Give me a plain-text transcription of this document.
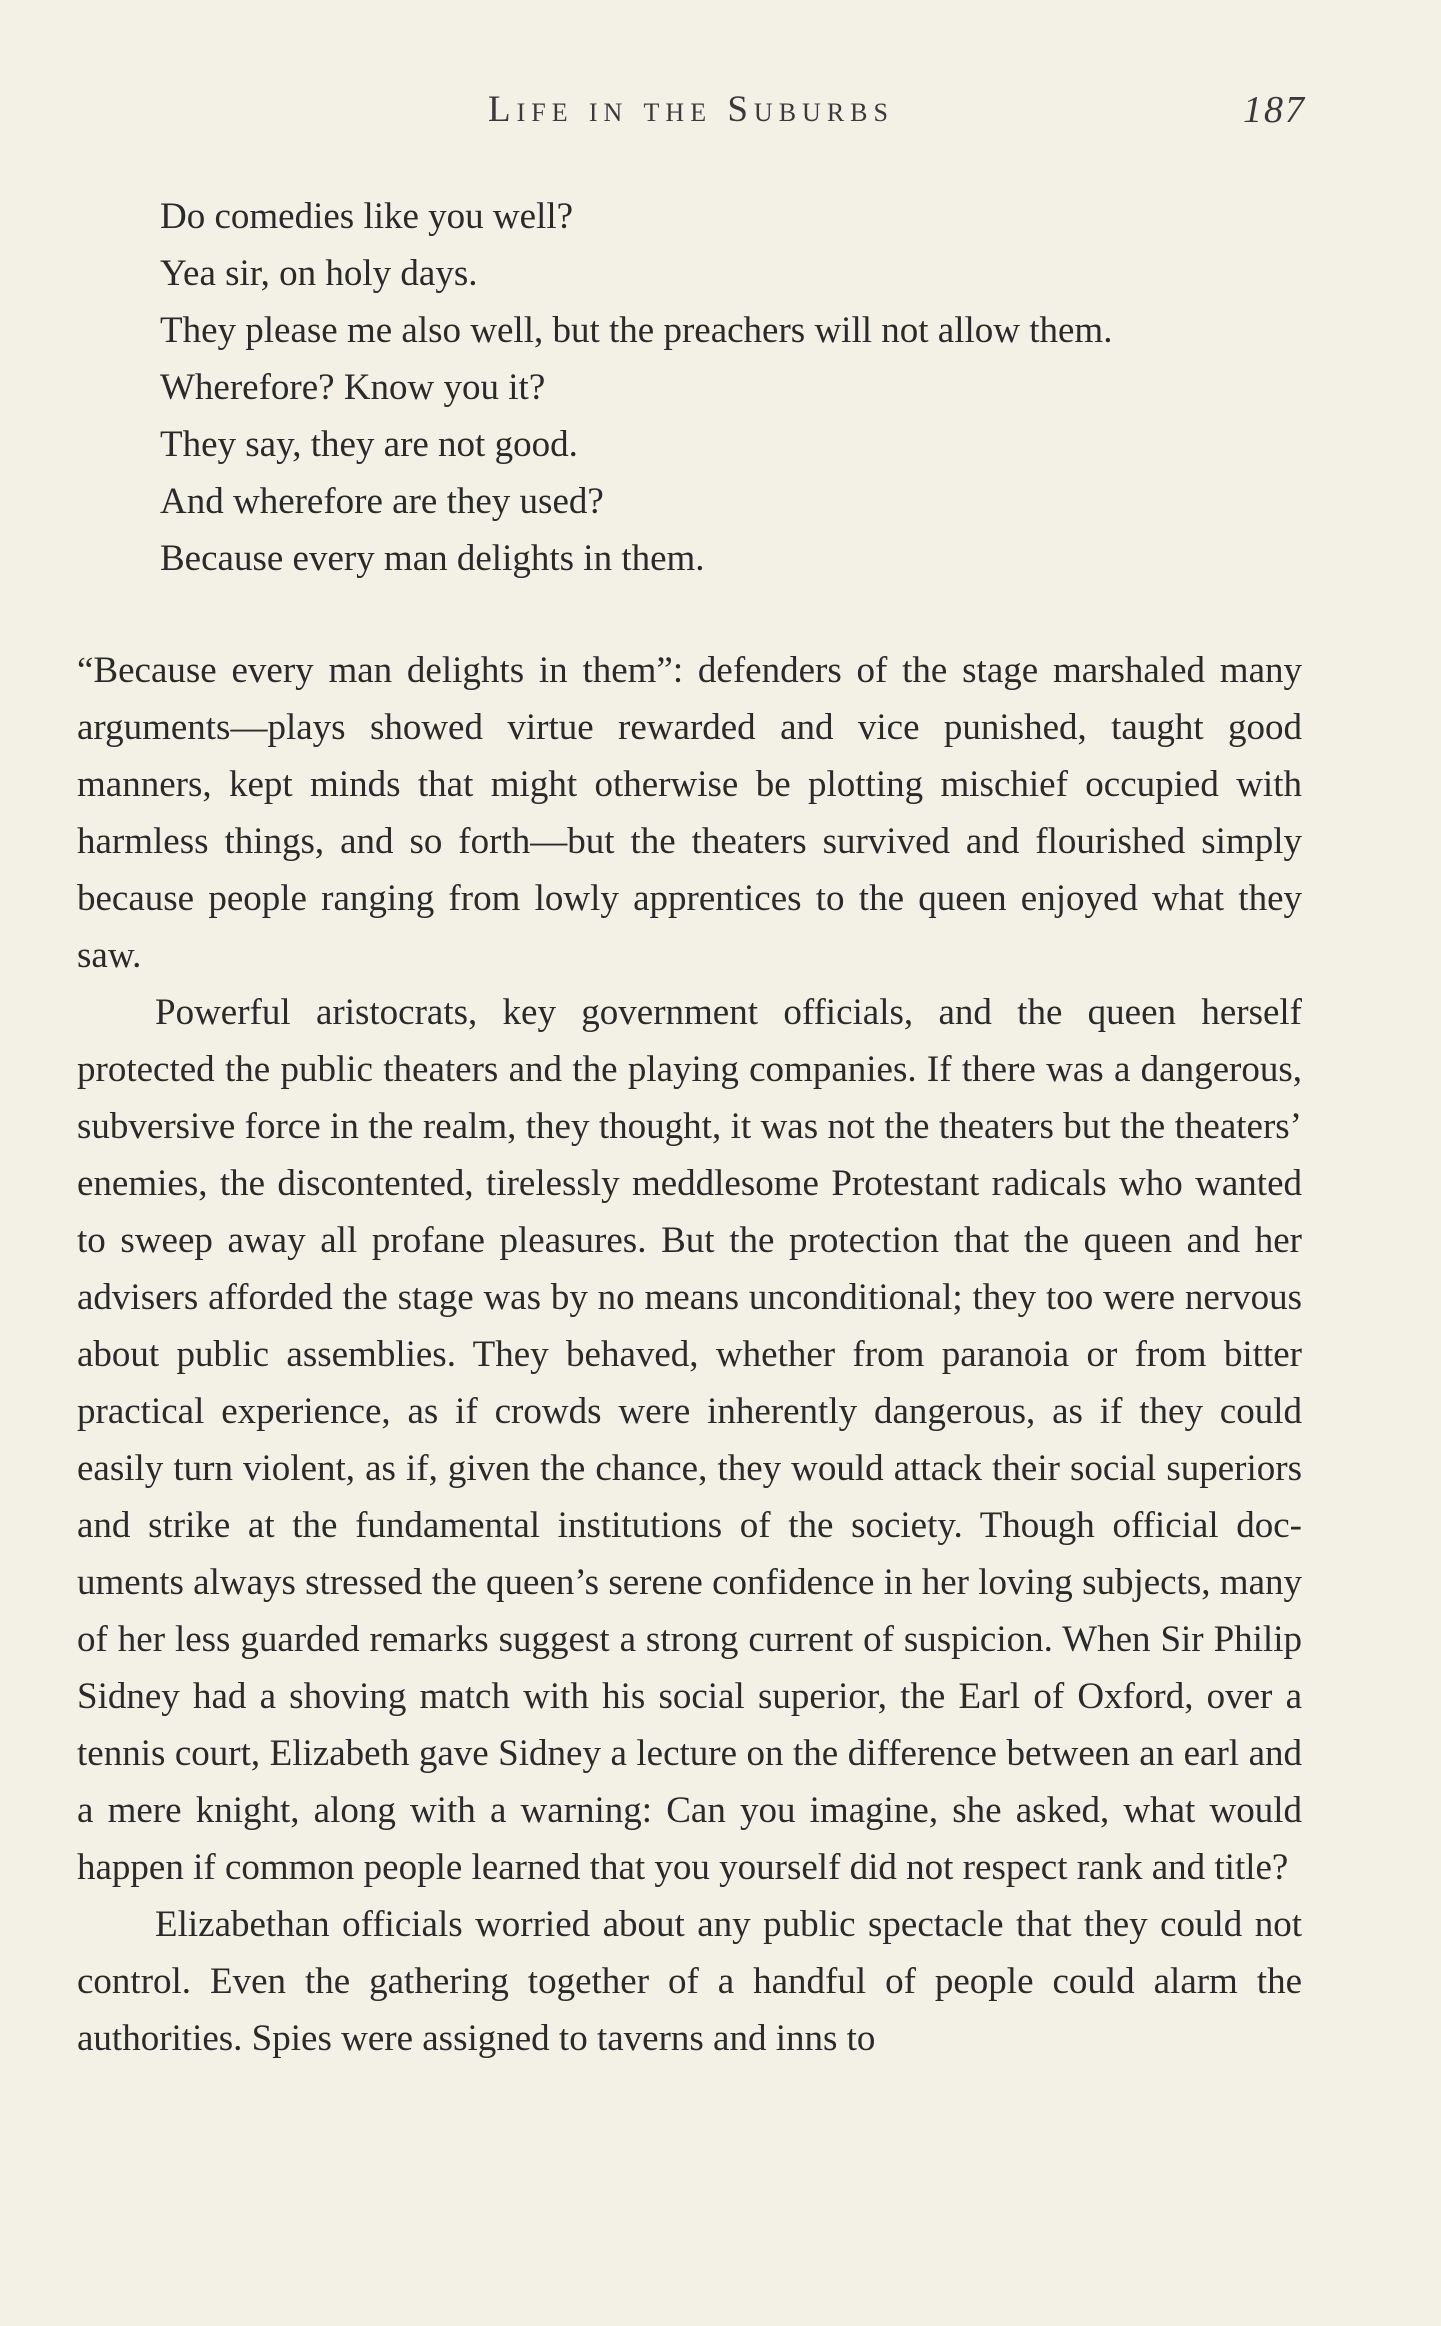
Life in the Suburbs	187
Do comedies like you well?
Yea sir, on holy days.
They please me also well, but the preachers will not allow them.
Wherefore? Know you it?
They say, they are not good.
And wherefore are they used?
Because every man delights in them.

“Because every man delights in them”: defenders of the stage marshaled many arguments—plays showed virtue rewarded and vice punished, taught good manners, kept minds that might otherwise be plotting mischief occupied with harmless things, and so forth—but the theaters survived and flourished simply because people ranging from lowly apprentices to the queen enjoyed what they saw.

Powerful aristocrats, key government officials, and the queen herself protected the public theaters and the playing companies. If there was a dangerous, subversive force in the realm, they thought, it was not the theaters but the theaters’ enemies, the discontented, tirelessly meddlesome Protestant radicals who wanted to sweep away all profane pleasures. But the protection that the queen and her advisers afforded the stage was by no means unconditional; they too were nervous about public assemblies. They behaved, whether from paranoia or from bitter practical experience, as if crowds were inherently dangerous, as if they could easily turn violent, as if, given the chance, they would attack their social superiors and strike at the fundamental institutions of the society. Though official documents always stressed the queen’s serene confidence in her loving subjects, many of her less guarded remarks suggest a strong current of suspicion. When Sir Philip Sidney had a shoving match with his social superior, the Earl of Oxford, over a tennis court, Elizabeth gave Sidney a lecture on the difference between an earl and a mere knight, along with a warning: Can you imagine, she asked, what would happen if common people learned that you yourself did not respect rank and title?

Elizabethan officials worried about any public spectacle that they could not control. Even the gathering together of a handful of people could alarm the authorities. Spies were assigned to taverns and inns to
